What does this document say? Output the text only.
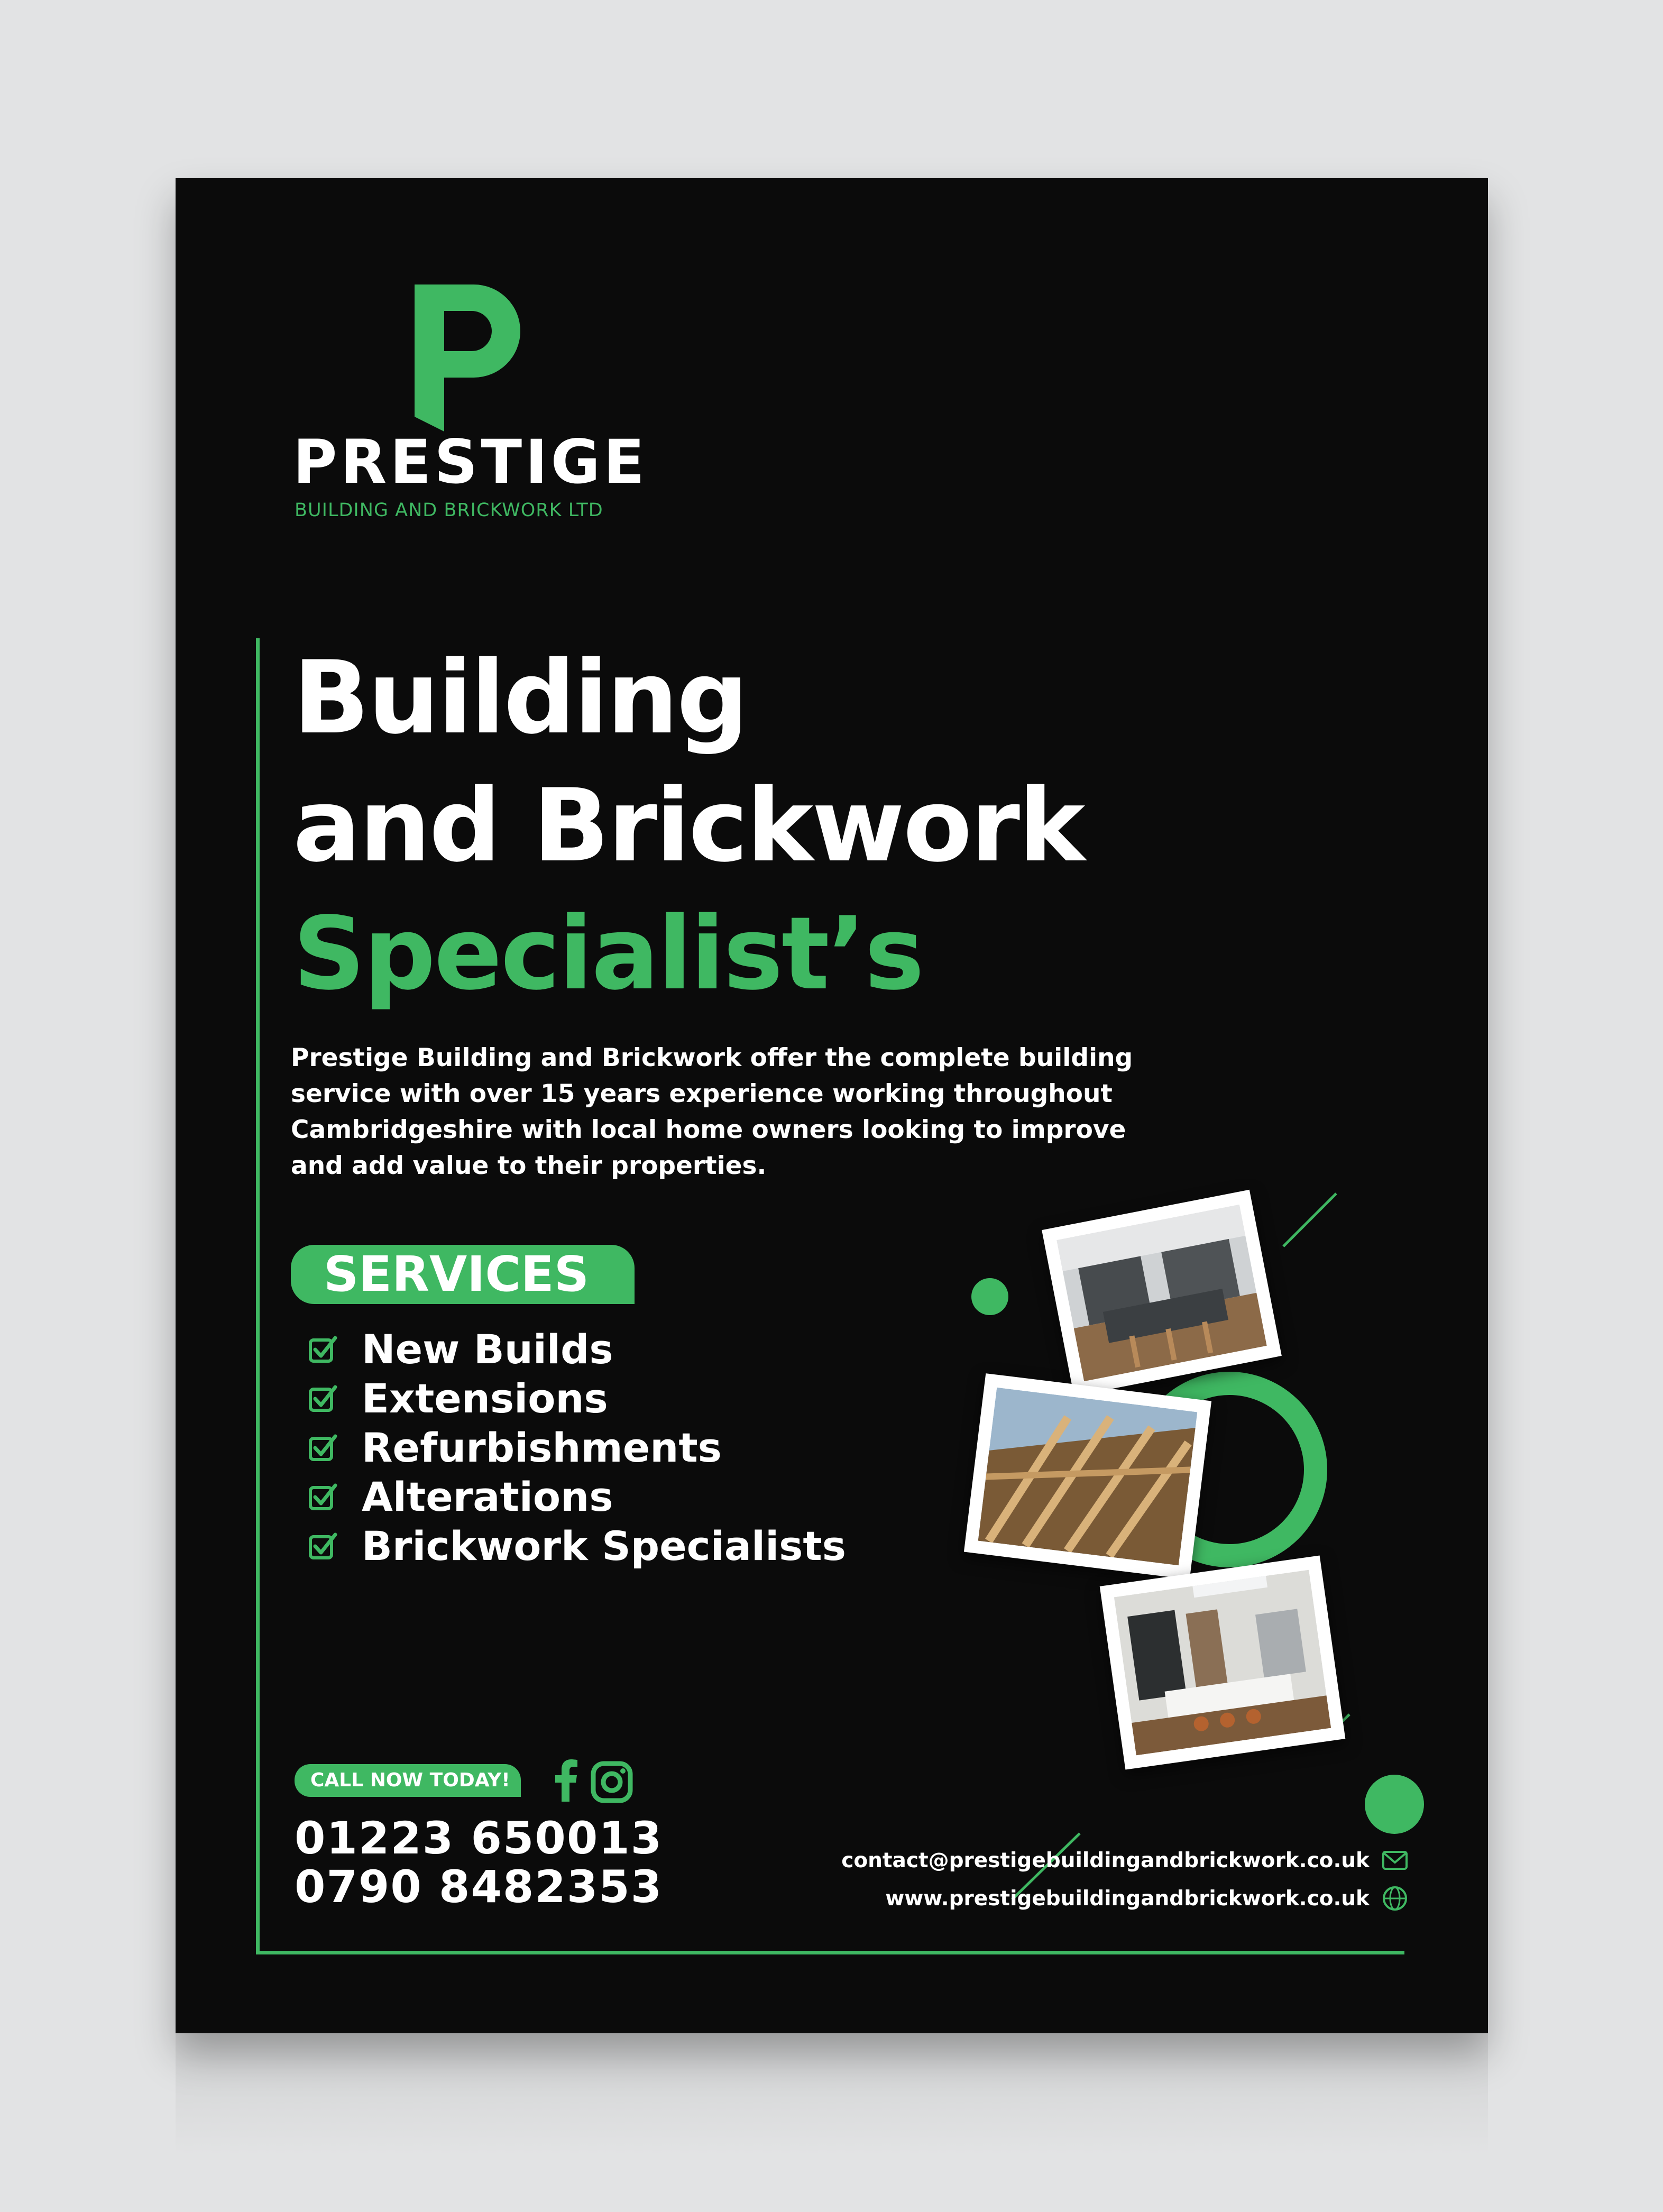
PRESTIGE
BUILDING AND BRICKWORK LTD
Building
and Brickwork
Specialist’s

Prestige Building and Brickwork offer the complete building service with over 15 years experience working throughout Cambridgeshire with local home owners looking to improve and add value to their properties.

SERVICES
New Builds
Extensions
Refurbishments
Alterations
Brickwork Specialists
CALL NOW TODAY!

01223 650013

0790 8482353

contact@prestigebuildingandbrickwork.co.uk
www.prestigebuildingandbrickwork.co.uk
